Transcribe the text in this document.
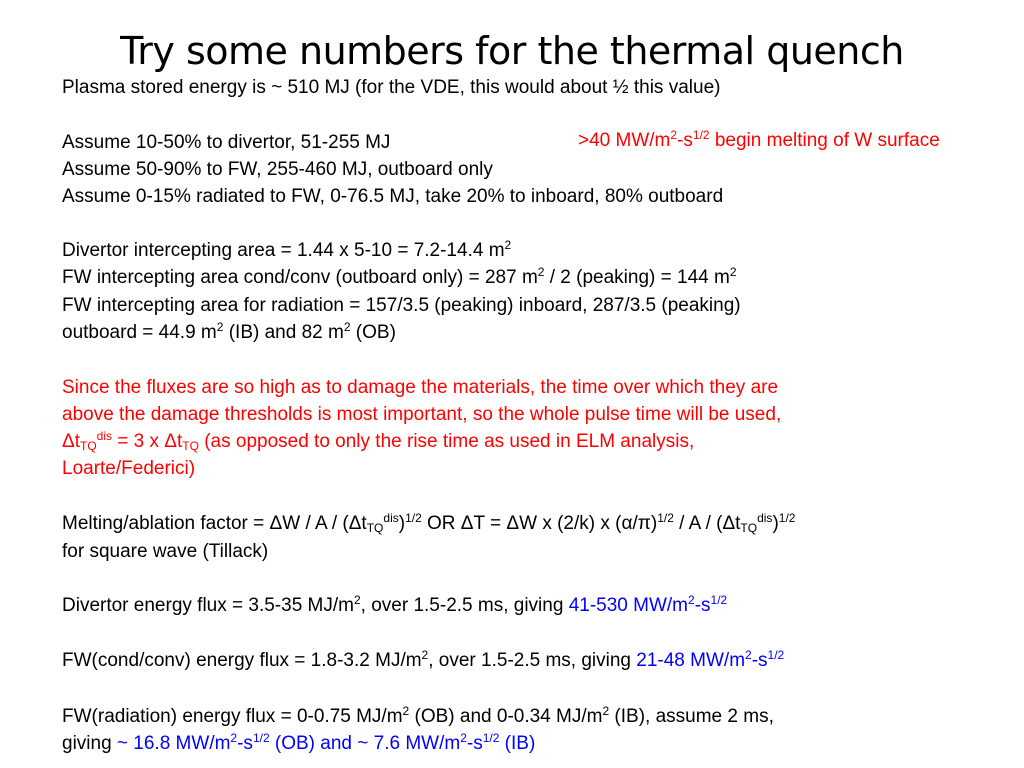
Try some numbers for the thermal quench
Plasma stored energy is ~ 510 MJ (for the VDE, this would about ½ this value)
Assume 10-50% to divertor, 51-255 MJ	>40 $MW/m^2-s^{1/2}$ begin melting of W surface
Assume 50-90% to FW, 255-460 MJ, outboard only
Assume 0-15% radiated to FW, 0-76.5 MJ, take 20% to inboard, 80% outboard
Divertor intercepting area = 1.44 x 5-10 = 7.2-14.4 $m^2$
FW intercepting area cond/conv (outboard only) = 287 $m^2 / 2$ (peaking) = 144 $m^2$
FW intercepting area for radiation = 157/3.5 (peaking) inboard, 287/3.5 (peaking)
outboard = 44.9 $m^2$ (IB) and 82 $m^2$ (OB)
Since the fluxes are so high as to damage the materials, the time over which they are
above the damage thresholds is most important, so the whole pulse time will be used,
$\Delta t_{TQ}^{dis} = 3$ x $\Delta t_{TQ}$ (as opposed to only the rise time as used in ELM analysis,
Loarte/Federici)
Melting/ablation factor = ΔW / A / $(\Delta t_{TQ}^{dis})^{1/2}$ OR ΔT = ΔW x (2/k) x $(\alpha/\pi)^{1/2}$ / A / $(\Delta t_{TQ}^{dis})^{1/2}$
for square wave (Tillack)
Divertor energy flux = 3.5-35 $MJ/m^2$, over 1.5-2.5 ms, giving 41-530 $MW/m^2-s^{1/2}$
FW(cond/conv) energy flux = 1.8-3.2 $MJ/m^2$, over 1.5-2.5 ms, giving 21-48 $MW/m^2-s^{1/2}$
FW(radiation) energy flux = 0-0.75 $MJ/m^2$ (OB) and 0-0.34 $MJ/m^2$ (IB), assume 2 ms,
giving ~ 16.8 $MW/m^2-s^{1/2}$ (OB) and ~ 7.6 $MW/m^2-s^{1/2}$ (IB)
